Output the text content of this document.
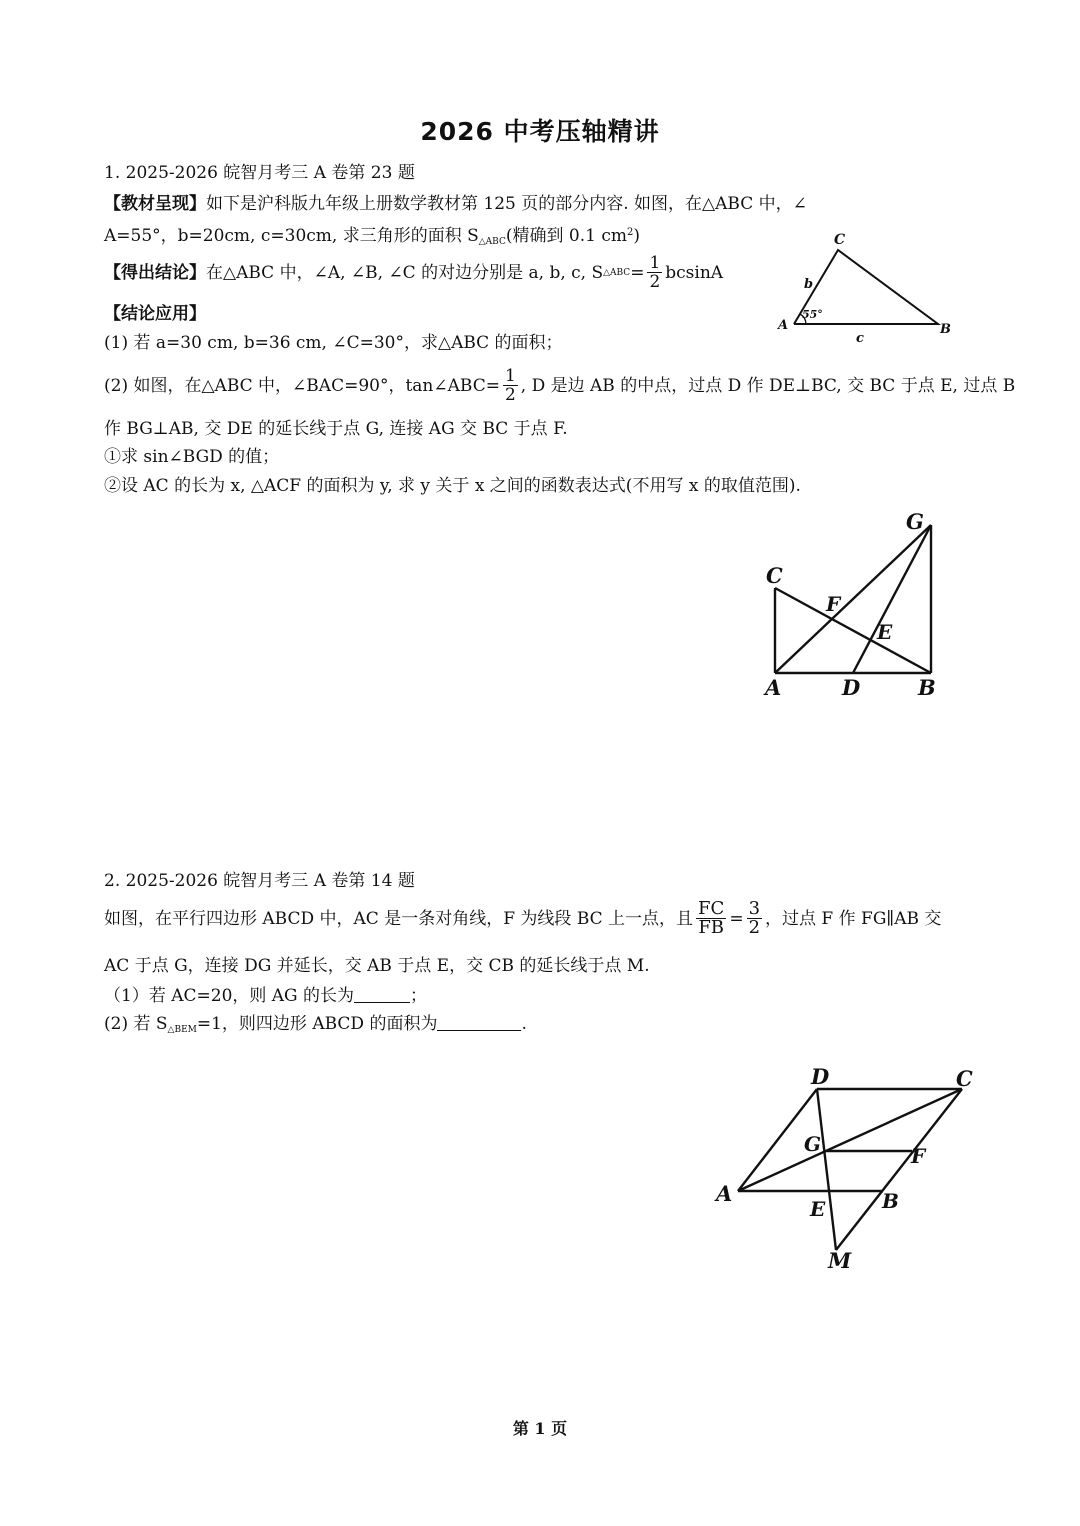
2026 中考压轴精讲
1. 2025-2026 皖智月考三 A 卷第 23 题
【教材呈现】如下是沪科版九年级上册数学教材第 125 页的部分内容. 如图，在△ABC 中，∠
A=55°，b=20cm, c=30cm, 求三角形的面积 $S_{\triangle ABC}$(精确到 0.1 $cm^2$)
【得出结论】 在△ABC 中，∠A, ∠B, ∠C 的对边分别是 a, b, c, S △ABC = $\frac{1}{2}$ bcsinA
【结论应用】
(1) 若 a=30 cm, b=36 cm, ∠C=30°，求△ABC 的面积；
(2) 如图，在△ABC 中，∠BAC=90°，tan∠ABC= $\frac{1}{2}$ , D 是边 AB 的中点，过点 D 作 DE⊥BC, 交 BC 于点 E, 过点 B
作 BG⊥AB, 交 DE 的延长线于点 G, 连接 AG 交 BC 于点 F.
①求 sin∠BGD 的值；
②设 AC 的长为 x, △ACF 的面积为 y, 求 y 关于 x 之间的函数表达式(不用写 x 的取值范围).
C
A	B
b
c
55°
G
C
F
E
A	D	B
2. 2025-2026 皖智月考三 A 卷第 14 题
如图，在平行四边形 ABCD 中，AC 是一条对角线，F 为线段 BC 上一点，且 $\frac{FC}{FB} = \frac{3}{2}$ ，过点 F 作 FG∥AB 交
AC 于点 G，连接 DG 并延长，交 AB 于点 E，交 CB 的延长线于点 M.
（1）若 AC=20，则 AG 的长为	；
(2) 若 $S_{\triangle BEM}=1$，则四边形 ABCD 的面积为	.
D	C
G	F
A	B
E
M
第 1 页
